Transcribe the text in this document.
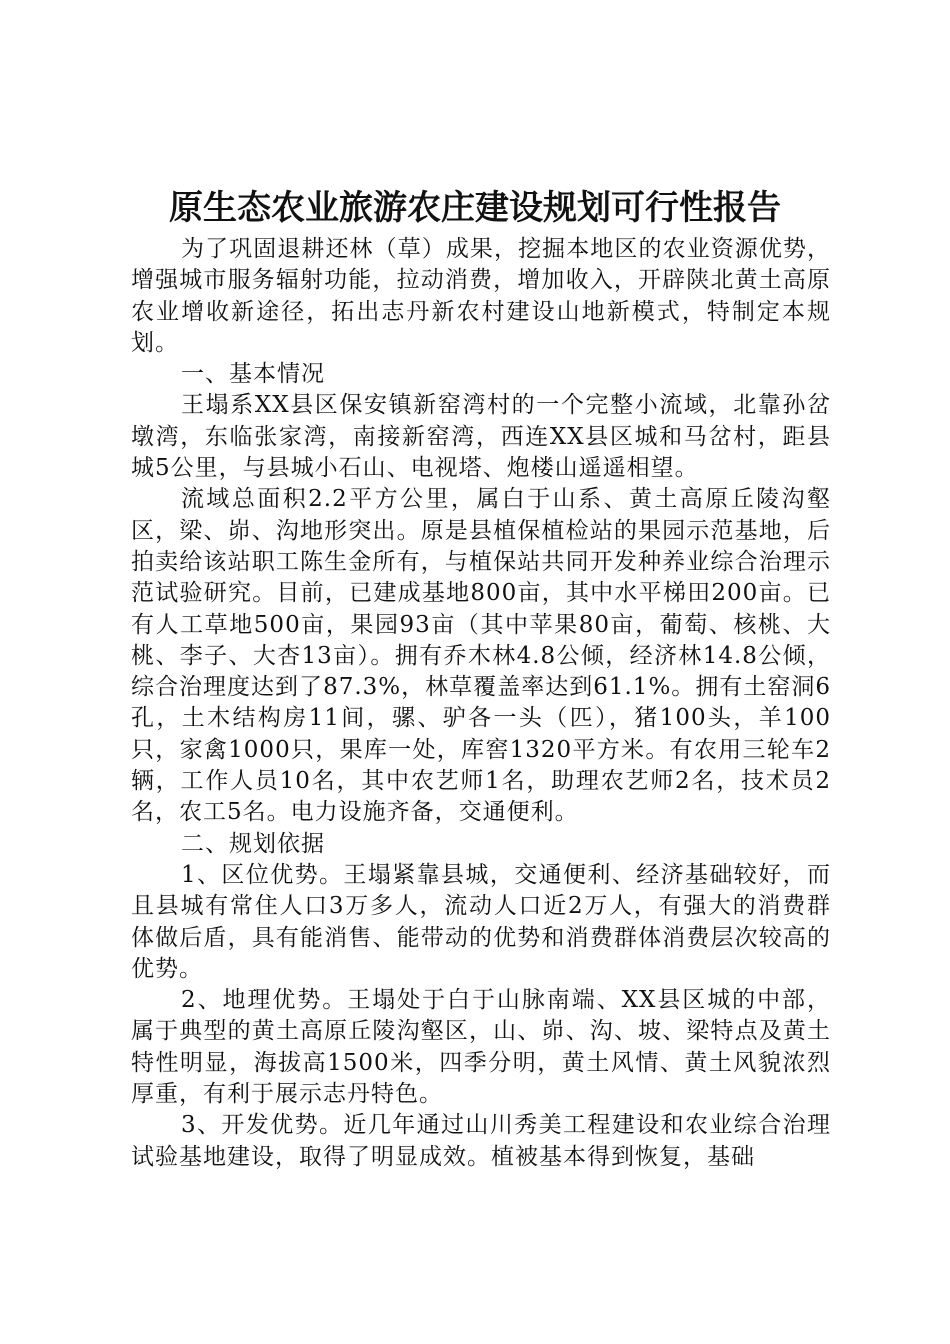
原生态农业旅游农庄建设规划可行性报告

为了巩固退耕还林（草）成果，挖掘本地区的农业资源优势，增强城市服务辐射功能，拉动消费，增加收入，开辟陕北黄土高原农业增收新途径，拓出志丹新农村建设山地新模式，特制定本规划。

一、基本情况

王塌系XX县区保安镇新窑湾村的一个完整小流域，北靠孙岔墩湾，东临张家湾，南接新窑湾，西连XX县区城和马岔村，距县城5公里，与县城小石山、电视塔、炮楼山遥遥相望。

流域总面积2.2平方公里，属白于山系、黄土高原丘陵沟壑区，梁、峁、沟地形突出。原是县植保植检站的果园示范基地，后拍卖给该站职工陈生金所有，与植保站共同开发种养业综合治理示范试验研究。目前，已建成基地800亩，其中水平梯田200亩。已有人工草地500亩，果园93亩（其中苹果80亩，葡萄、核桃、大桃、李子、大杏13亩）。拥有乔木林4.8公倾，经济林14.8公倾，综合治理度达到了87.3%，林草覆盖率达到61.1%。拥有土窑洞6孔，土木结构房11间，骡、驴各一头（匹），猪100头，羊100只，家禽1000只，果库一处，库窖1320平方米。有农用三轮车2辆，工作人员10名，其中农艺师1名，助理农艺师2名，技术员2名，农工5名。电力设施齐备，交通便利。

二、规划依据

1、区位优势。王塌紧靠县城，交通便利、经济基础较好，而且县城有常住人口3万多人，流动人口近2万人，有强大的消费群体做后盾，具有能消售、能带动的优势和消费群体消费层次较高的优势。

2、地理优势。王塌处于白于山脉南端、XX县区城的中部，属于典型的黄土高原丘陵沟壑区，山、峁、沟、坡、梁特点及黄土特性明显，海拔高1500米，四季分明，黄土风情、黄土风貌浓烈厚重，有利于展示志丹特色。

3、开发优势。近几年通过山川秀美工程建设和农业综合治理试验基地建设，取得了明显成效。植被基本得到恢复，基础
